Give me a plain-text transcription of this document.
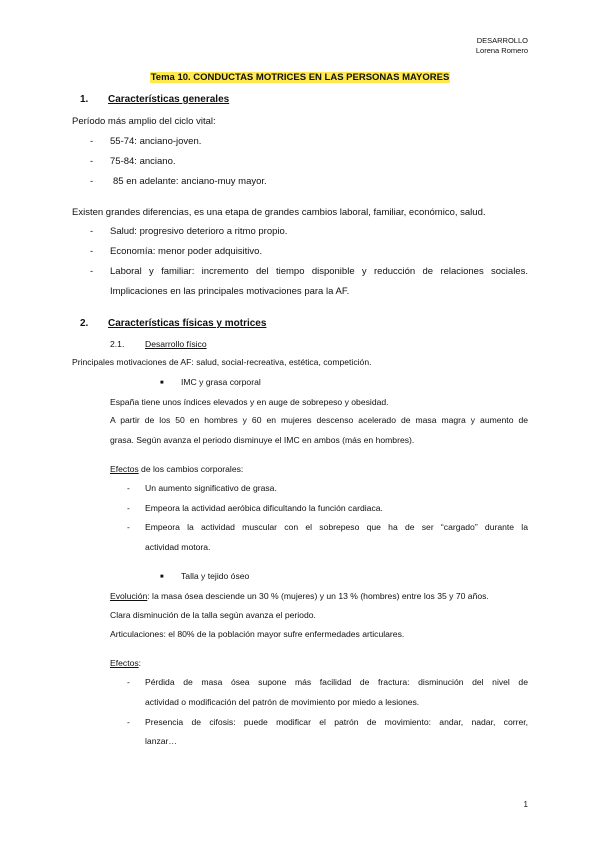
DESARROLLO
Lorena Romero
Tema 10. CONDUCTAS MOTRICES EN LAS PERSONAS MAYORES
1. Características generales
Período más amplio del ciclo vital:
- 55-74: anciano-joven.
- 75-84: anciano.
- 85 en adelante: anciano-muy mayor.
Existen grandes diferencias, es una etapa de grandes cambios laboral, familiar, económico, salud.
- Salud: progresivo deterioro a ritmo propio.
- Economía: menor poder adquisitivo.
- Laboral y familiar: incremento del tiempo disponible y reducción de relaciones sociales.
Implicaciones en las principales motivaciones para la AF.
2. Características físicas y motrices
2.1. Desarrollo físico
Principales motivaciones de AF: salud, social-recreativa, estética, competición.
■ IMC y grasa corporal
España tiene unos índices elevados y en auge de sobrepeso y obesidad.
A partir de los 50 en hombres y 60 en mujeres descenso acelerado de masa magra y aumento de
grasa. Según avanza el periodo disminuye el IMC en ambos (más en hombres).
Efectos de los cambios corporales:
- Un aumento significativo de grasa.
- Empeora la actividad aeróbica dificultando la función cardiaca.
- Empeora la actividad muscular con el sobrepeso que ha de ser “cargado” durante la
actividad motora.
■ Talla y tejido óseo
Evolución: la masa ósea desciende un 30 % (mujeres) y un 13 % (hombres) entre los 35 y 70 años.
Clara disminución de la talla según avanza el periodo.
Articulaciones: el 80% de la población mayor sufre enfermedades articulares.
Efectos:
- Pérdida de masa ósea supone más facilidad de fractura: disminución del nivel de
actividad o modificación del patrón de movimiento por miedo a lesiones.
- Presencia de cifosis: puede modificar el patrón de movimiento: andar, nadar, correr,
lanzar…
1
